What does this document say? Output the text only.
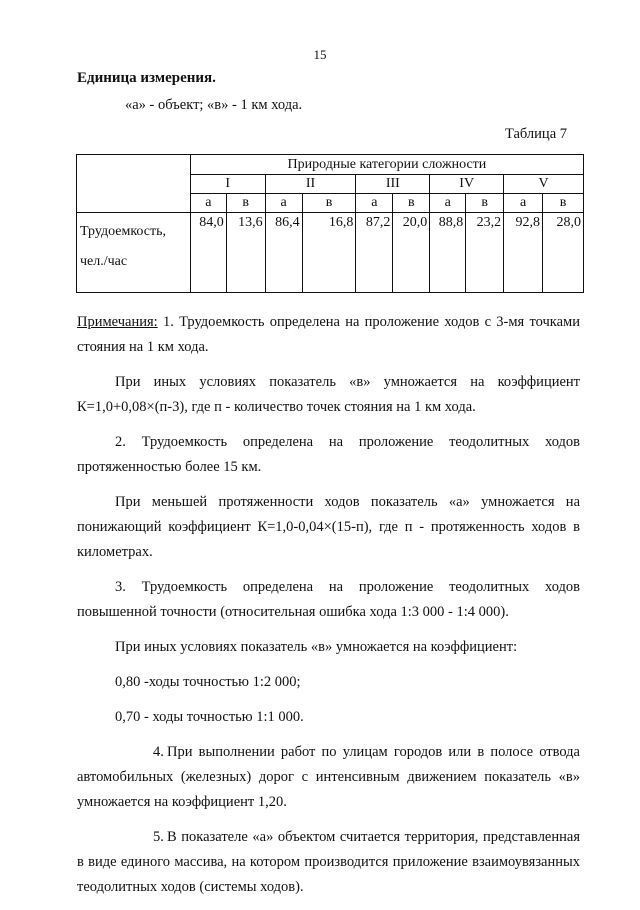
15
Единица измерения.
«а» - объект; «в» - 1 км хода.
Таблица 7
	Природные категории сложности									
	I		II		III		IV		V	
	а	в	а	в	а	в	а	в	а	в

Трудоемкость,
чел./час	84,0	13,6	86,4	16,8	87,2	20,0	88,8	23,2	92,8	28,0

Примечания: 1. Трудоемкость определена на проложение ходов с 3-мя точками стояния на 1 км хода.

При иных условиях показатель «в» умножается на коэффициент К=1,0+0,08×(п-3), где п - количество точек стояния на 1 км хода.

2. Трудоемкость определена на проложение теодолитных ходов протяженностью более 15 км.

При меньшей протяженности ходов показатель «а» умножается на понижающий коэффициент К=1,0-0,04×(15-п), где п - протяженность ходов в километрах.

3. Трудоемкость определена на проложение теодолитных ходов повышенной точности (относительная ошибка хода 1:3 000 - 1:4 000).

При иных условиях показатель «в» умножается на коэффициент:

0,80 -ходы точностью 1:2 000;

0,70 - ходы точностью 1:1 000.

4. При выполнении работ по улицам городов или в полосе отвода автомобильных (железных) дорог с интенсивным движением показатель «в» умножается на коэффициент 1,20.

5. В показателе «а» объектом считается территория, представленная в виде единого массива, на котором производится приложение взаимоувязанных теодолитных ходов (системы ходов).
